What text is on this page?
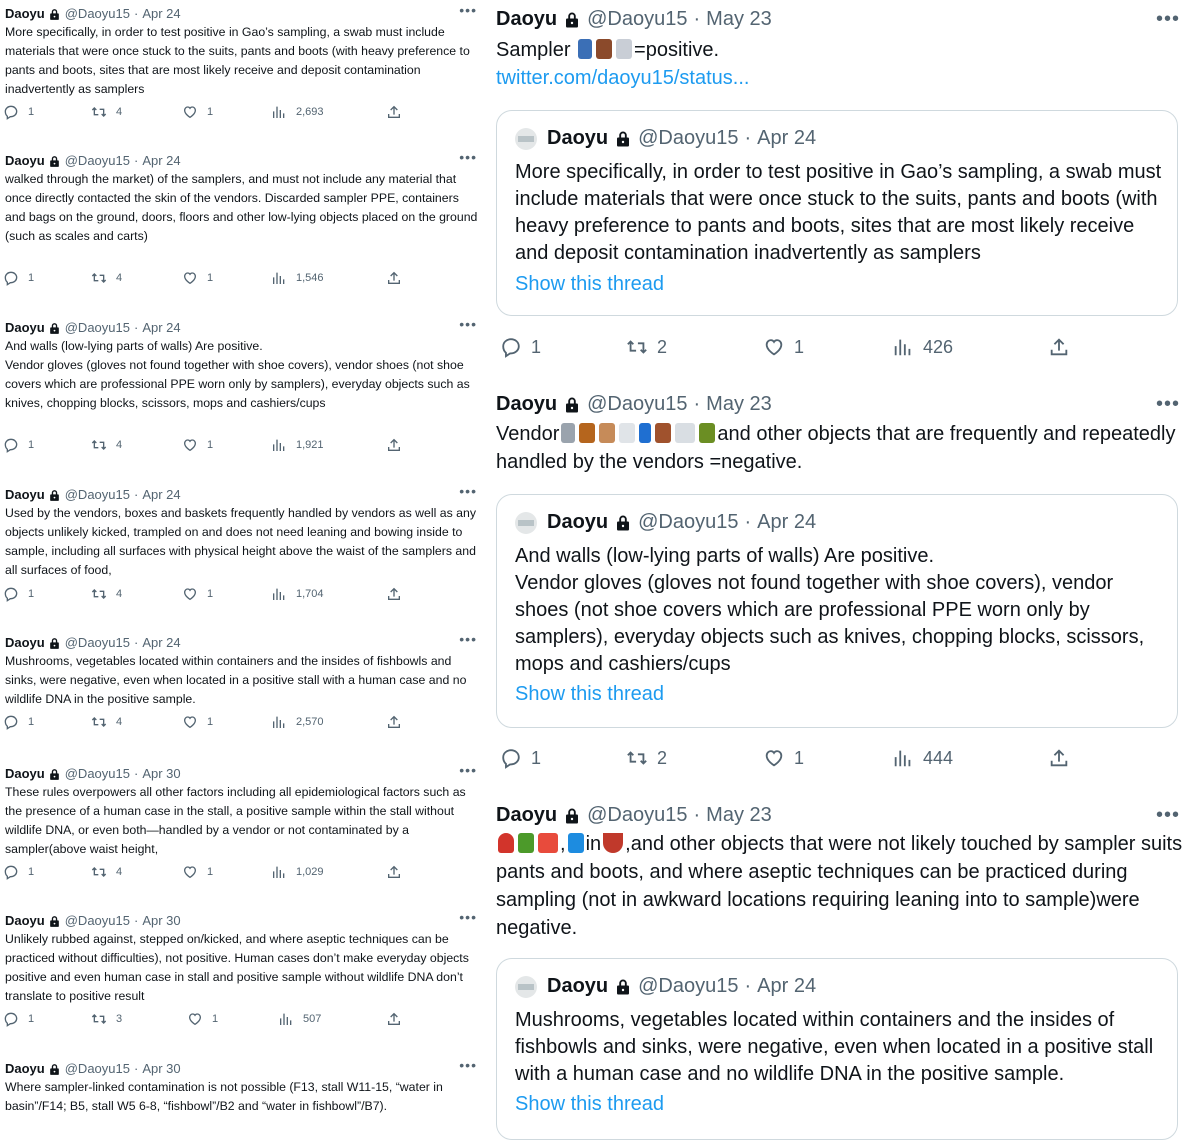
Daoyu @Daoyu15 · Apr 24	•••
More specifically, in order to test positive in Gao’s sampling, a swab must include materials that were once stuck to the suits, pants and boots (with heavy preference to pants and boots, sites that are most likely receive and deposit contamination inadvertently as samplers
1	4	1	2,693
Daoyu @Daoyu15 · Apr 24	•••
walked through the market) of the samplers, and must not include any material that once directly contacted the skin of the vendors. Discarded sampler PPE, containers and bags on the ground, doors, floors and other low-lying objects placed on the ground (such as scales and carts)
1	4	1	1,546
Daoyu @Daoyu15 · Apr 24	•••
And walls (low-lying parts of walls) Are positive.
Vendor gloves (gloves not found together with shoe covers), vendor shoes (not shoe covers which are professional PPE worn only by samplers), everyday objects such as knives, chopping blocks, scissors, mops and cashiers/cups
1	4	1	1,921
Daoyu @Daoyu15 · Apr 24	•••
Used by the vendors, boxes and baskets frequently handled by vendors as well as any objects unlikely kicked, trampled on and does not need leaning and bowing inside to sample, including all surfaces with physical height above the waist of the samplers and all surfaces of food,
1	4	1	1,704
Daoyu @Daoyu15 · Apr 24	•••
Mushrooms, vegetables located within containers and the insides of fishbowls and sinks, were negative, even when located in a positive stall with a human case and no wildlife DNA in the positive sample.
1	4	1	2,570
Daoyu @Daoyu15 · Apr 30	•••
These rules overpowers all other factors including all epidemiological factors such as the presence of a human case in the stall, a positive sample within the stall without wildlife DNA, or even both—handled by a vendor or not contaminated by a sampler(above waist height,
1	4	1	1,029
Daoyu @Daoyu15 · Apr 30	•••
Unlikely rubbed against, stepped on/kicked, and where aseptic techniques can be practiced without difficulties), not positive. Human cases don’t make everyday objects positive and even human case in stall and positive sample without wildlife DNA don’t translate to positive result
1	3	1	507
Daoyu @Daoyu15 · Apr 30	•••
Where sampler-linked contamination is not possible (F13, stall W11-15, “water in basin”/F14; B5, stall W5 6-8, “fishbowl”/B2 and “water in fishbowl”/B7).
Daoyu @Daoyu15 · May 23	•••
Sampler	=positive.
twitter.com/daoyu15/status...
Daoyu @Daoyu15 · Apr 24
More specifically, in order to test positive in Gao’s sampling, a swab must include materials that were once stuck to the suits, pants and boots (with heavy preference to pants and boots, sites that are most likely receive and deposit contamination inadvertently as samplers
Show this thread
1	2	1	426
Daoyu @Daoyu15 · May 23	•••
Vendor	and other objects that are frequently and repeatedly handled by the vendors =negative.
Daoyu @Daoyu15 · Apr 24
And walls (low-lying parts of walls) Are positive.
Vendor gloves (gloves not found together with shoe covers), vendor shoes (not shoe covers which are professional PPE worn only by samplers), everyday objects such as knives, chopping blocks, scissors, mops and cashiers/cups
Show this thread
1	2	1	444
Daoyu @Daoyu15 · May 23	•••
, in ,and other objects that were not likely touched by sampler suits pants and boots, and where aseptic techniques can be practiced during sampling (not in awkward locations requiring leaning into to sample)were negative.
Daoyu @Daoyu15 · Apr 24
Mushrooms, vegetables located within containers and the insides of fishbowls and sinks, were negative, even when located in a positive stall with a human case and no wildlife DNA in the positive sample.
Show this thread
